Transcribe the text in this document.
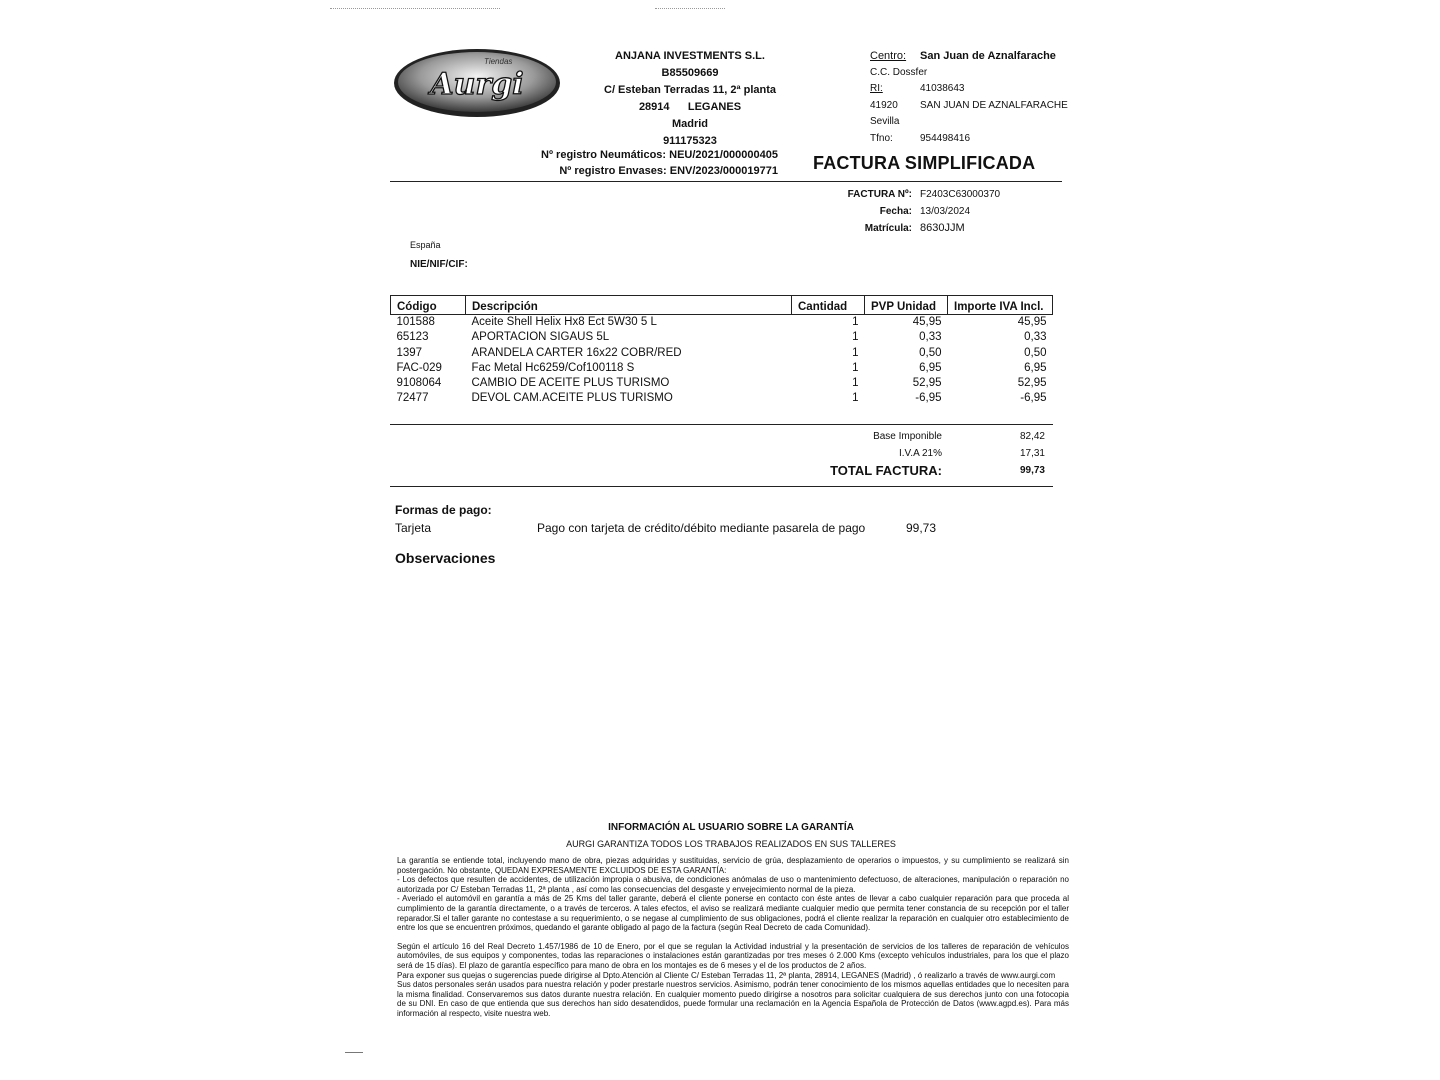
Tiendas
Aurgi
ANJANA INVESTMENTS S.L.
B85509669
C/ Esteban Terradas 11, 2ª planta
28914      LEGANES
Madrid
911175323
Nº registro Neumáticos: NEU/2021/000000405
Nº registro Envases: ENV/2023/000019771
Centro:	San Juan de Aznalfarache
C.C. Dossfer
RI:	41038643
41920	SAN JUAN DE AZNALFARACHE
Sevilla
Tfno:	954498416
FACTURA SIMPLIFICADA
FACTURA Nº: F2403C63000370
Fecha: 13/03/2024
Matrícula: 8630JJM
España
NIE/NIF/CIF:
Código	Descripción	Cantidad	PVP Unidad	Importe IVA Incl.
101588	Aceite Shell Helix Hx8 Ect 5W30 5 L	1	45,95	45,95
65123	APORTACION SIGAUS 5L	1	0,33	0,33
1397	ARANDELA CARTER 16x22 COBR/RED	1	0,50	0,50
FAC-029	Fac Metal Hc6259/Cof100118 S	1	6,95	6,95
9108064	CAMBIO DE ACEITE PLUS TURISMO	1	52,95	52,95
72477	DEVOL CAM.ACEITE PLUS TURISMO	1	-6,95	-6,95
Base Imponible	82,42
I.V.A 21%	17,31
TOTAL FACTURA:	99,73
Formas de pago:
Tarjeta	Pago con tarjeta de crédito/débito mediante pasarela de pago	99,73
Observaciones
INFORMACIÓN AL USUARIO SOBRE LA GARANTÍA
AURGI GARANTIZA TODOS LOS TRABAJOS REALIZADOS EN SUS TALLERES

La garantía se entiende total, incluyendo mano de obra, piezas adquiridas y sustituidas, servicio de grúa, desplazamiento de operarios o impuestos, y su cumplimiento se realizará sin postergación. No obstante, QUEDAN EXPRESAMENTE EXCLUIDOS DE ESTA GARANTÍA:

- Los defectos que resulten de accidentes, de utilización impropia o abusiva, de condiciones anómalas de uso o mantenimiento defectuoso, de alteraciones, manipulación o reparación no autorizada por C/ Esteban Terradas 11, 2ª planta , así como las consecuencias del desgaste y envejecimiento normal de la pieza.

- Averiado el automóvil en garantía a más de 25 Kms del taller garante, deberá el cliente ponerse en contacto con éste antes de llevar a cabo cualquier reparación para que proceda al cumplimiento de la garantía directamente, o a través de terceros. A tales efectos, el aviso se realizará mediante cualquier medio que permita tener constancia de su recepción por el taller reparador.Si el taller garante no contestase a su requerimiento, o se negase al cumplimiento de sus obligaciones, podrá el cliente realizar la reparación en cualquier otro establecimiento de entre los que se encuentren próximos, quedando el garante obligado al pago de la factura (según Real Decreto de cada Comunidad).

Según el artículo 16 del Real Decreto 1.457/1986 de 10 de Enero, por el que se regulan la Actividad industrial y la presentación de servicios de los talleres de reparación de vehículos automóviles, de sus equipos y componentes, todas las reparaciones o instalaciones están garantizadas por tres meses ó 2.000 Kms (excepto vehículos industriales, para los que el plazo será de 15 días). El plazo de garantía específico para mano de obra en los montajes es de 6 meses y el de los productos de 2 años.

Para exponer sus quejas o sugerencias puede dirigirse al Dpto.Atención al Cliente C/ Esteban Terradas 11, 2ª planta, 28914, LEGANES (Madrid) , ó realizarlo a través de www.aurgi.com

Sus datos personales serán usados para nuestra relación y poder prestarle nuestros servicios. Asimismo, podrán tener conocimiento de los mismos aquellas entidades que lo necesiten para la misma finalidad. Conservaremos sus datos durante nuestra relación. En cualquier momento puedo dirigirse a nosotros para solicitar cualquiera de sus derechos junto con una fotocopia de su DNI. En caso de que entienda que sus derechos han sido desatendidos, puede formular una reclamación en la Agencia Española de Protección de Datos (www.agpd.es). Para más información al respecto, visite nuestra web.
